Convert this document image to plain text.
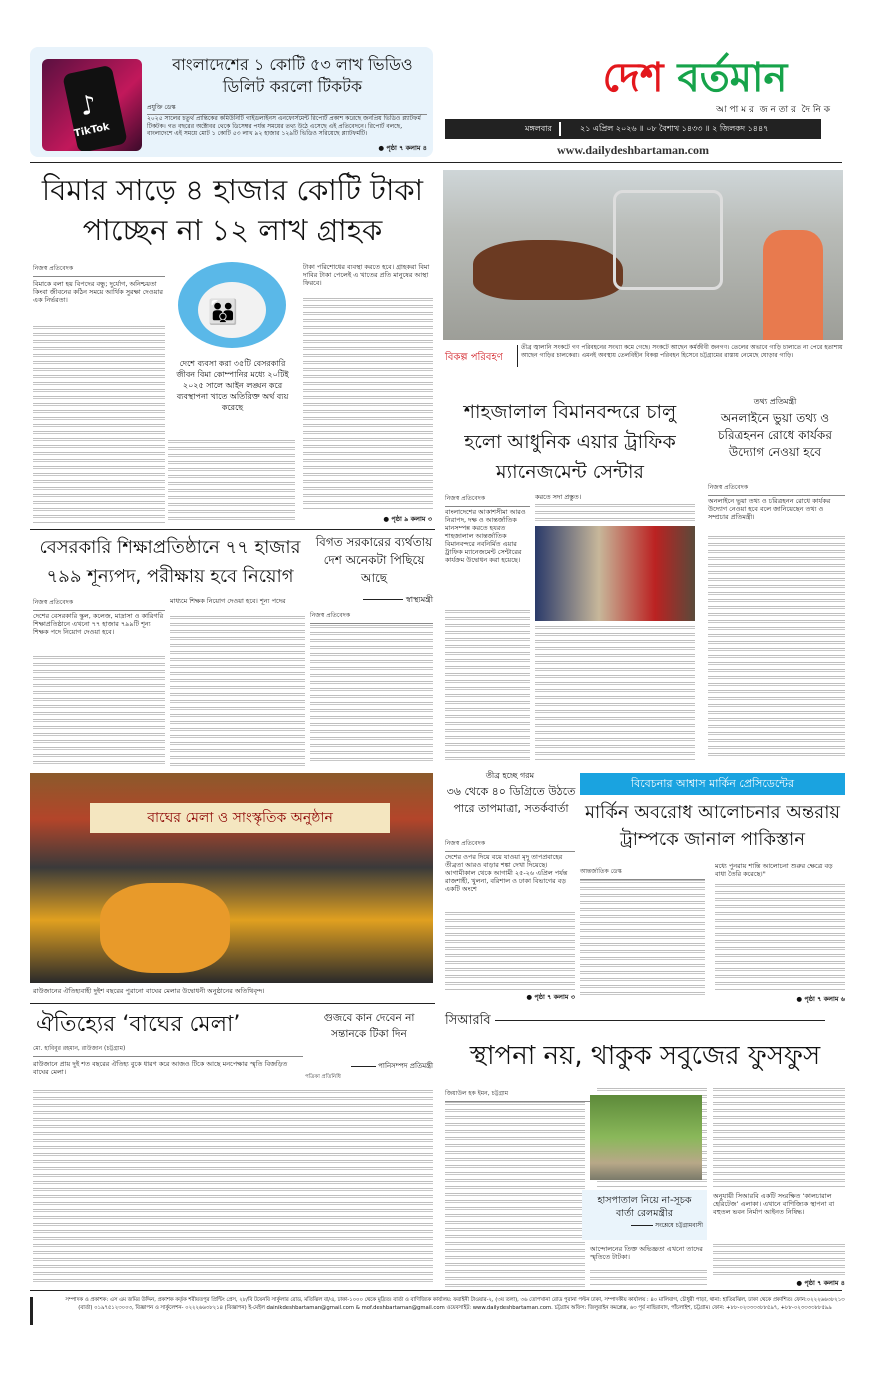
♪
TikTok
বাংলাদেশের ১ কোটি ৫৩ লাখ ভিডিও ডিলিট করলো টিকটক
প্রযুক্তি ডেস্ক
২০২৫ সালের চতুর্থ প্রান্তিকের কমিউনিটি গাইডলাইনস এনফোর্সমেন্ট রিপোর্ট প্রকাশ করেছে জনপ্রিয় ভিডিও প্ল্যাটফর্ম টিকটক। গত বছরের অক্টোবর থেকে ডিসেম্বর পর্যন্ত সময়ের তথ্য উঠে এসেছে এই প্রতিবেদনে। রিপোর্ট বলছে, বাংলাদেশে এই সময়ে মোট ১ কোটি ৫৩ লাখ ৯২ হাজার ১২৯টি ভিডিও সরিয়েছে প্ল্যাটফর্মটি।
● পৃষ্ঠা ৭ কলাম ৪
দেশ বর্তমান
আ পা ম র  জ ন তা র  দৈ নি ক
মঙ্গলবার	২১ এপ্রিল ২০২৬ ॥ ০৮ বৈশাখ ১৪৩৩ ॥ ২ জিলকদ ১৪৪৭
www.dailydeshbartaman.com
বিমার সাড়ে ৪ হাজার কোটি টাকা পাচ্ছেন না ১২ লাখ গ্রাহক
নিজস্ব প্রতিবেদক
বিমাকে বলা হয় বিপদের বন্ধু; দুর্যোগ, অনিশ্চয়তা কিংবা জীবনের কঠিন সময়ে আর্থিক সুরক্ষা দেওয়ার এক নির্ভরতা।	👪
দেশে ব্যবসা করা ৩৫টি বেসরকারি জীবন বিমা কোম্পানির মধ্যে ২০টিই ২০২৫ সালে আইন লঙ্ঘন করে ব্যবস্থাপনা খাতে অতিরিক্ত অর্থ ব্যয় করেছে
টাকা পরিশোধের ব্যবস্থা করতে হবে। গ্রাহকরা বিমা দাবির টাকা পেলেই এ খাতের প্রতি মানুষের আস্থা ফিরবে।
● পৃষ্ঠা ৯ কলাম ৩
বিকল্প পরিবহণ
তীব্র জ্বালানি সংকটে গণ পরিবহনের সংখ্যা কমে গেছে। সংকটে আছেন কর্মজীবী জনগণ। তেলের অভাবে গাড়ি চালাতে না পেরে হতাশায় আছেন গাড়ির চালকেরা। এমনই অবস্থায় তেলবিহীন বিকল্প পরিবহন হিসেবে চট্টগ্রামের রাস্তায় নেমেছে ঘোড়ার গাড়ি।
শাহজালাল বিমানবন্দরে চালু হলো আধুনিক এয়ার ট্রাফিক ম্যানেজমেন্ট সেন্টার
নিজস্ব প্রতিবেদক
বাংলাদেশের আকাশসীমা আরও নিরাপদ, দক্ষ ও আন্তর্জাতিক মানসম্পন্ন করতে হযরত শাহজালাল আন্তর্জাতিক বিমানবন্দরে নবনির্মিত এয়ার ট্রাফিক ম্যানেজমেন্ট সেন্টারের কার্যক্রম উদ্বোধন করা হয়েছে।
করতে সদা প্রস্তুত।
তথ্য প্রতিমন্ত্রী
অনলাইনে ভুয়া তথ্য ও চরিত্রহনন রোধে কার্যকর উদ্যোগ নেওয়া হবে
নিজস্ব প্রতিবেদক
অনলাইনে ভুয়া তথ্য ও চরিত্রহনন রোধে কার্যকর উদ্যোগ নেওয়া হবে বলে জানিয়েছেন তথ্য ও সম্প্রচার প্রতিমন্ত্রী।
বেসরকারি শিক্ষাপ্রতিষ্ঠানে ৭৭ হাজার ৭৯৯ শূন্যপদ, পরীক্ষায় হবে নিয়োগ
নিজস্ব প্রতিবেদক
দেশের বেসরকারি স্কুল, কলেজ, মাদ্রাসা ও কারিগরি শিক্ষাপ্রতিষ্ঠানে এখনো ৭৭ হাজার ৭৯৯টি শূন্য শিক্ষক পদে নিয়োগ দেওয়া হবে।
মাধ্যমে শিক্ষক নিয়োগ দেওয়া হবে। শূন্য পদের
বিগত সরকারের ব্যর্থতায় দেশ অনেকটা পিছিয়ে আছে
স্বাস্থ্যমন্ত্রী
নিজস্ব প্রতিবেদক
বাঘের মেলা ও সাংস্কৃতিক অনুষ্ঠান
রাউজানের ঐতিহ্যবাহী দুইশ বছরের পুরানো বাঘের মেলার উদ্বোধনী অনুষ্ঠানের অতিথিবৃন্দ।
তীব্র হচ্ছে গরম
৩৬ থেকে ৪০ ডিগ্রিতে উঠতে পারে তাপমাত্রা, সতর্কবার্তা
নিজস্ব প্রতিবেদক
দেশের ওপর দিয়ে বয়ে যাওয়া মৃদু তাপপ্রবাহের তীব্রতা আরও বাড়ার শঙ্কা দেখা দিয়েছে। আগামীকাল থেকে আগামী ২৫-২৬ এপ্রিল পর্যন্ত রাজশাহী, খুলনা, বরিশাল ও ঢাকা বিভাগের বড় একটি অংশে
● পৃষ্ঠা ৭ কলাম ৩
বিবেচনার আশ্বাস মার্কিন প্রেসিডেন্টের
মার্কিন অবরোধ আলোচনার অন্তরায় ট্রাম্পকে জানাল পাকিস্তান
আন্তর্জাতিক ডেস্ক
মধ্যে পুনরায় শান্তি আলোচনা শুরুর ক্ষেত্রে বড় বাধা তৈরি করেছে।"
● পৃষ্ঠা ৭ কলাম ৬
ঐতিহ্যের ‘বাঘের মেলা’
মো. হাবিবুর রহমান, রাউজান (চট্টগ্রাম)
রাউজানে প্রায় দুই শত বছরের ঐতিহ্য বুকে ধারণ করে আজও টিকে আছে মনপেক্ষার স্মৃতি বিজড়িত বাঘের মেলা।
গুজবে কান দেবেন না সন্তানকে টিকা দিন
পানিসম্পদ প্রতিমন্ত্রী
পত্রিকা প্রতিনিধি
সিআরবি
স্থাপনা নয়, থাকুক সবুজের ফুসফুস
জিয়াউল হক ইমন, চট্টগ্রাম
হাসপাতাল নিয়ে না-সূচক বার্তা রেলমন্ত্রীর
সংশ্লেষে চট্টগ্রামবাসী
আন্দোলনের তিক্ত অভিজ্ঞতা এখনো তাদের স্মৃতিতে টাটকা।
অনুযায়ী সিআরবি একটি সংরক্ষিত ‘কালচারাল হেরিটেজ’ এলাকা। এখানে বাণিজ্যিক স্থাপনা বা বহুতল ভবন নির্মাণ আইনত নিষিদ্ধ।
● পৃষ্ঠা ৭ কলাম ৪
সম্পাদক ও প্রকাশক: এস এম জমির উদ্দিন, প্রকাশক কর্তৃক শরীয়তপুর প্রিন্টিং প্রেস, ২৮/বি টয়েনবি সার্কুলার রোড, মতিঝিল বা/এ, ঢাকা-১০০০ থেকে মুদ্রিত। বার্তা ও বাণিজ্যিক কার্যালয়: ফরাইনী টাওয়ার-২, (৩য় তলা), ৩৬ তোপখানা রোড পুরানা পল্টন ঢাকা, সম্পাদকীয় কার্যালয় : ৪০ মালিবাগ, চৌধুরী পাড়া, থানা: হাতিরঝিল, ঢাকা থেকে প্রকাশিত। ফোন:০২২২৬৬৩৮২১৩ (বার্তা) ০১৯৭৫১২৩০০৩, বিজ্ঞাপন ও সার্কুলেশন- ০২২২৬৬৩৮২১৪ (বিজ্ঞাপন) ই-মেইল dainikdeshbartaman@gmail.com & mof.deshbartaman@gmail.com ওয়েবসাইট: www.dailydeshbartaman.com. চট্টগ্রাম অফিস: জিলুরাইন কমপ্লেক্স, ৬৩ পূর্ব নাছিরাবাদ, পাঁচলাইশ, চট্টগ্রাম। ফোন: +৮৮-০২৩৩৩৩৮৮৫৯৭, +৮৮-০২৩৩৩৩৮৮৫৯৯
